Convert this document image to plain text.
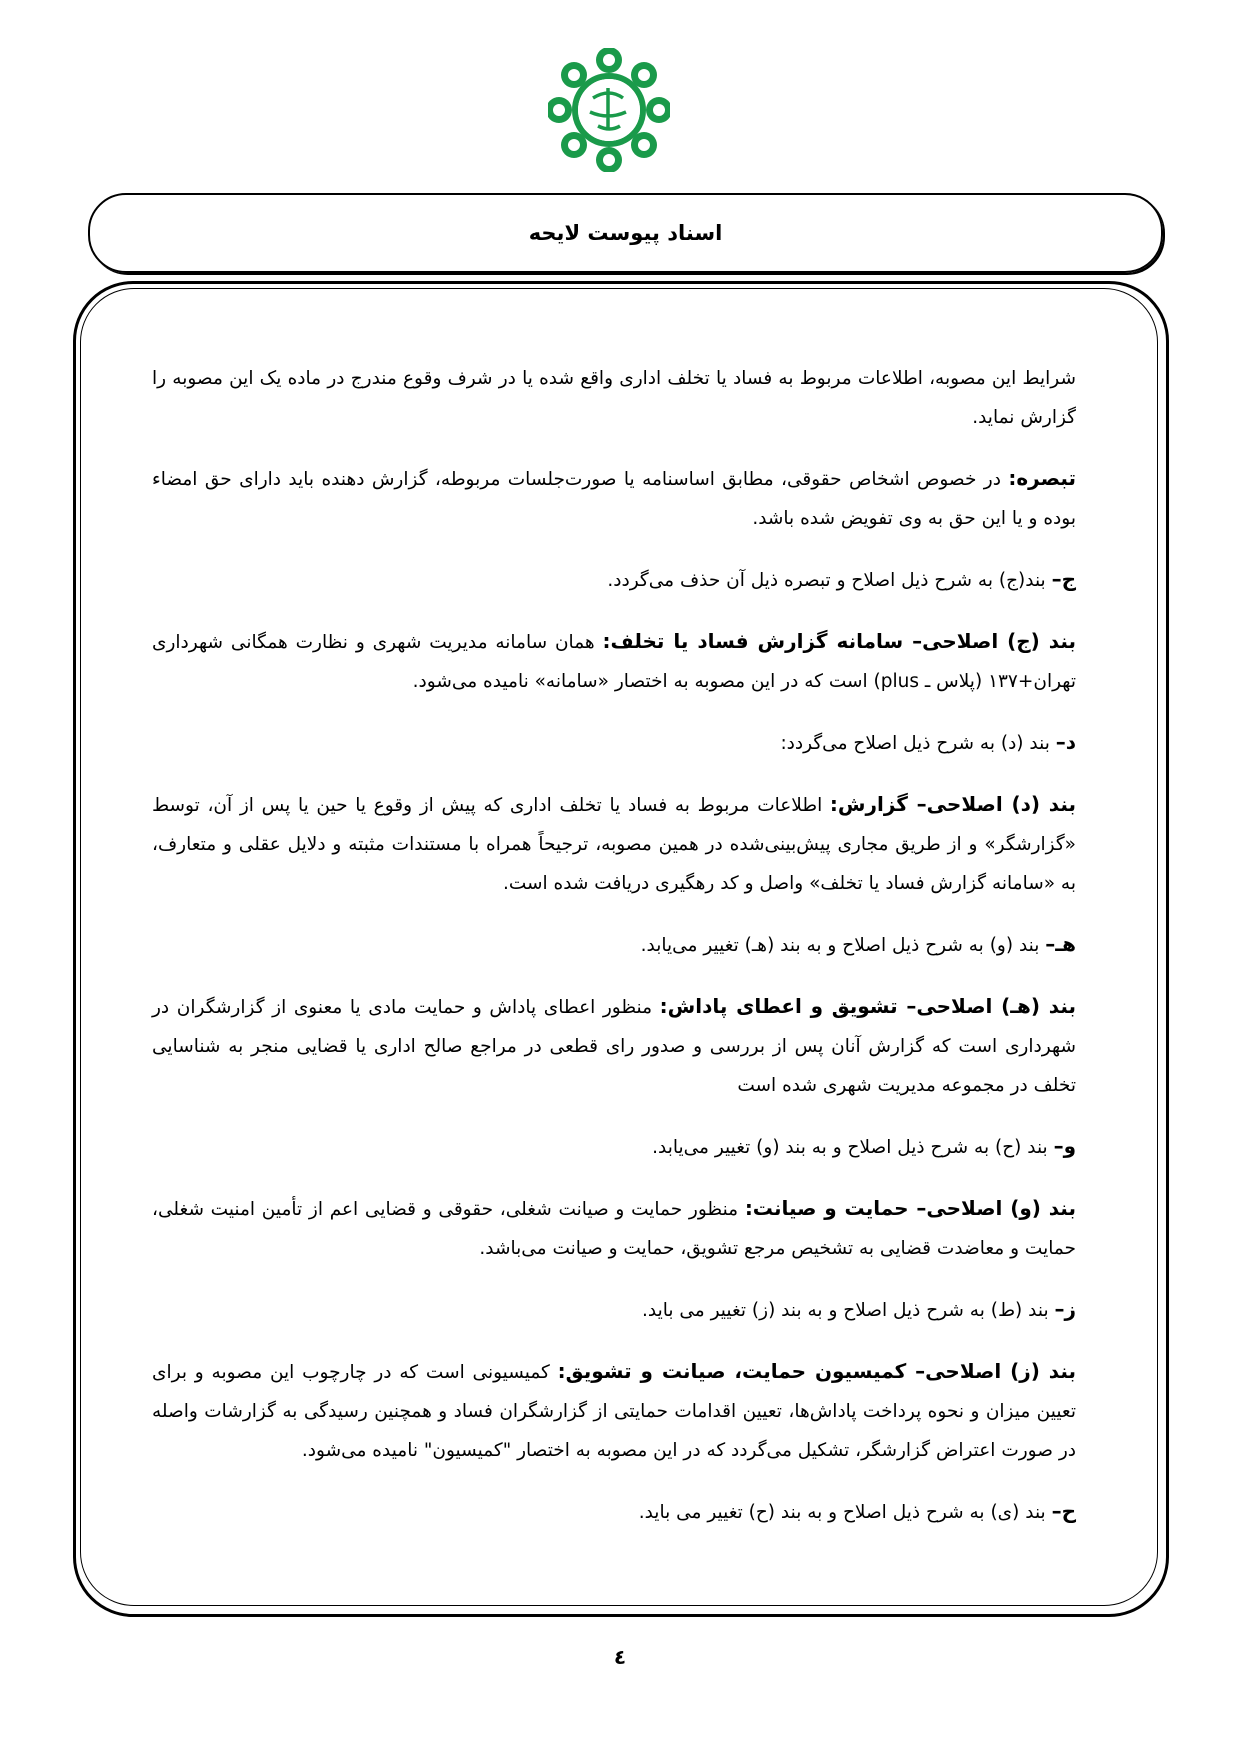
اسناد پیوست لایحه

شرایط این مصوبه، اطلاعات مربوط به فساد یا تخلف اداری واقع شده یا در شرف وقوع مندرج در ماده یک این مصوبه را گزارش نماید.

تبصره: در خصوص اشخاص حقوقی، مطابق اساسنامه یا صورت‌جلسات مربوطه، گزارش دهنده باید دارای حق امضاء بوده و یا این حق به وی تفویض شده باشد.

ج– بند(ج) به شرح ذیل اصلاح و تبصره ذیل آن حذف می‌گردد.

بند (ج) اصلاحی– سامانه گزارش فساد یا تخلف: همان سامانه مدیریت شهری و نظارت همگانی شهرداری تهران+۱۳۷ (پلاس ـ plus) است که در این مصوبه به اختصار «سامانه» نامیده می‌شود.

د– بند (د) به شرح ذیل اصلاح می‌گردد:

بند (د) اصلاحی– گزارش: اطلاعات مربوط به فساد یا تخلف اداری که پیش از وقوع یا حین یا پس از آن، توسط «گزارشگر» و از طریق مجاری پیش‌بینی‌شده در همین مصوبه، ترجیحاً همراه با مستندات مثبته و دلایل عقلی و متعارف، به «سامانه گزارش فساد یا تخلف» واصل و کد رهگیری دریافت شده است.

هـ– بند (و) به شرح ذیل اصلاح و به بند (هـ) تغییر می‌یابد.

بند (هـ) اصلاحی– تشویق و اعطای پاداش: منظور اعطای پاداش و حمایت مادی یا معنوی از گزارشگران در شهرداری است که گزارش آنان پس از بررسی و صدور رای قطعی در مراجع صالح اداری یا قضایی منجر به شناسایی تخلف در مجموعه مدیریت شهری شده است

و– بند (ح) به شرح ذیل اصلاح و به بند (و) تغییر می‌یابد.

بند (و) اصلاحی– حمایت و صیانت: منظور حمایت و صیانت شغلی، حقوقی و قضایی اعم از تأمین امنیت شغلی، حمایت و معاضدت قضایی به تشخیص مرجع تشویق، حمایت و صیانت می‌باشد.

ز– بند (ط) به شرح ذیل اصلاح و به بند (ز) تغییر می باید.

بند (ز) اصلاحی– کمیسیون حمایت، صیانت و تشویق: کمیسیونی است که در چارچوب این مصوبه و برای تعیین میزان و نحوه پرداخت پاداش‌ها، تعیین اقدامات حمایتی از گزارشگران فساد و همچنین رسیدگی به گزارشات واصله در صورت اعتراض گزارشگر، تشکیل می‌گردد که در این مصوبه به اختصار "کمیسیون" نامیده می‌شود.

ح– بند (ی) به شرح ذیل اصلاح و به بند (ح) تغییر می باید.

٤
